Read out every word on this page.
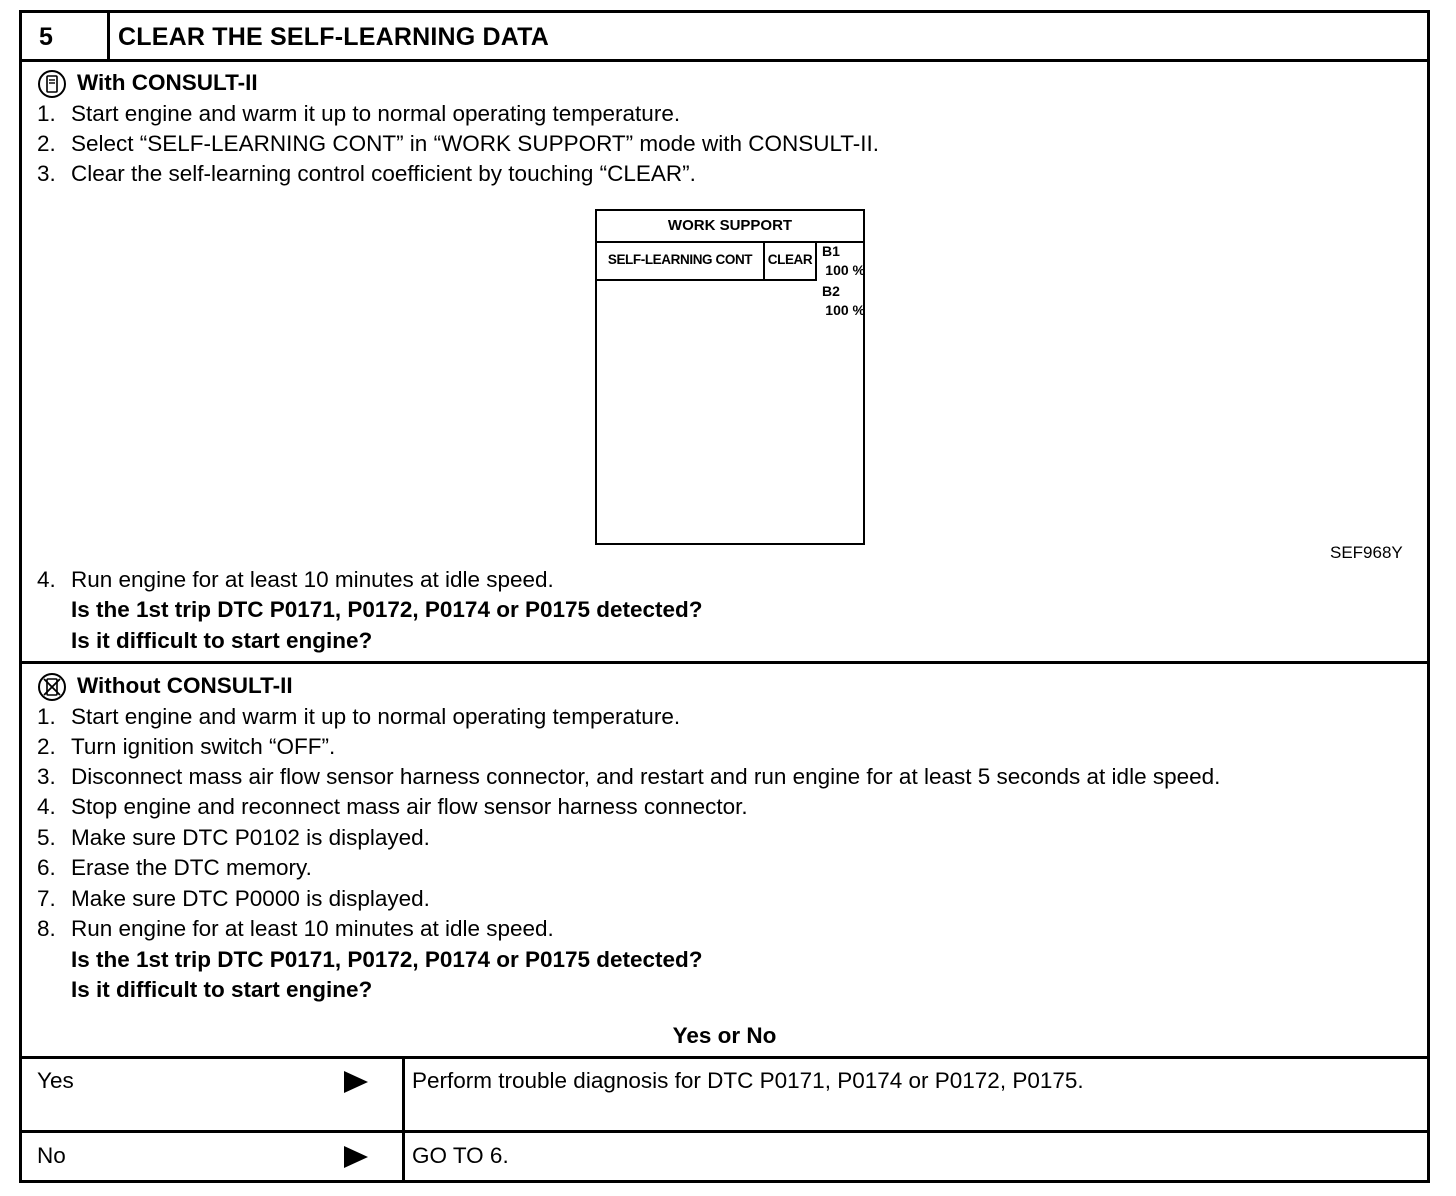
5	CLEAR THE SELF-LEARNING DATA
With CONSULT-II
1. Start engine and warm it up to normal operating temperature.
2. Select “SELF-LEARNING CONT” in “WORK SUPPORT” mode with CONSULT-II.
3. Clear the self-learning control coefficient by touching “CLEAR”.
WORK SUPPORT
SELF-LEARNING CONT	CLEAR
B1
100 %
B2
100 %
SEF968Y
4. Run engine for at least 10 minutes at idle speed.
Is the 1st trip DTC P0171, P0172, P0174 or P0175 detected?
Is it difficult to start engine?
Without CONSULT-II
1. Start engine and warm it up to normal operating temperature.
2. Turn ignition switch “OFF”.
3. Disconnect mass air flow sensor harness connector, and restart and run engine for at least 5 seconds at idle speed.
4. Stop engine and reconnect mass air flow sensor harness connector.
5. Make sure DTC P0102 is displayed.
6. Erase the DTC memory.
7. Make sure DTC P0000 is displayed.
8. Run engine for at least 10 minutes at idle speed.
Is the 1st trip DTC P0171, P0172, P0174 or P0175 detected?
Is it difficult to start engine?
Yes or No
Yes	Perform trouble diagnosis for DTC P0171, P0174 or P0172, P0175.
No	GO TO 6.
